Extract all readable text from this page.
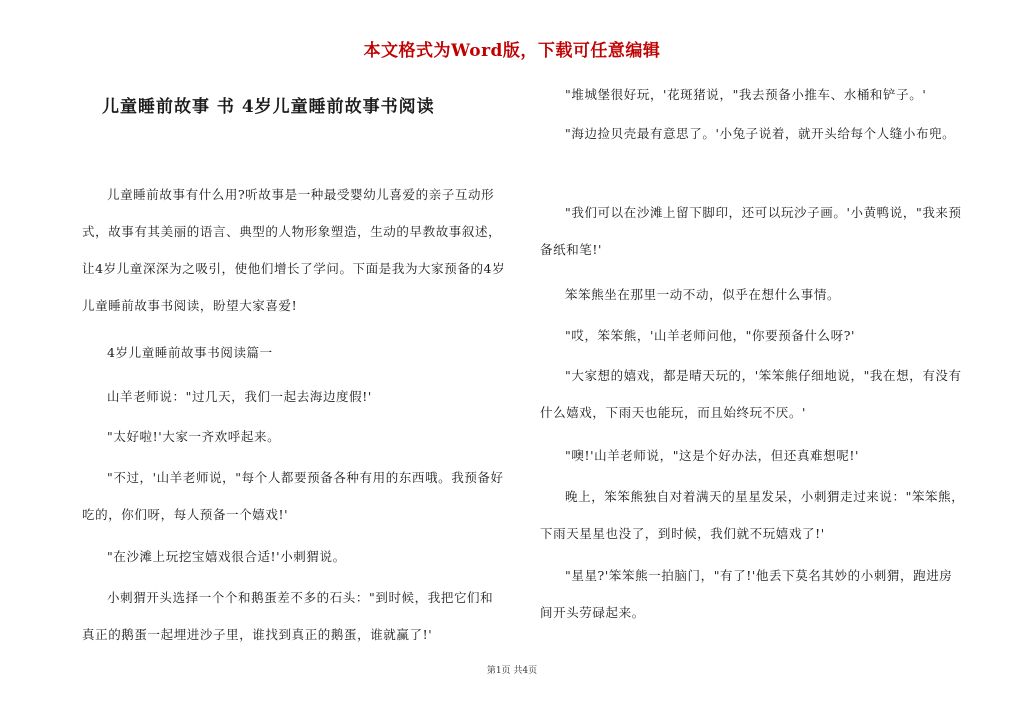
本文格式为Word版，下载可任意编辑
儿童睡前故事 书 4岁儿童睡前故事书阅读

儿童睡前故事有什么用?听故事是一种最受婴幼儿喜爱的亲子互动形式，故事有其美丽的语言、典型的人物形象塑造，生动的早教故事叙述，让4岁儿童深深为之吸引，使他们增长了学问。下面是我为大家预备的4岁儿童睡前故事书阅读，盼望大家喜爱!

4岁儿童睡前故事书阅读篇一

山羊老师说："过几天，我们一起去海边度假!'

"太好啦!'大家一齐欢呼起来。

"不过，'山羊老师说，"每个人都要预备各种有用的东西哦。我预备好吃的，你们呀，每人预备一个嬉戏!'

"在沙滩上玩挖宝嬉戏很合适!'小刺猬说。

小刺猬开头选择一个个和鹅蛋差不多的石头："到时候，我把它们和真正的鹅蛋一起埋进沙子里，谁找到真正的鹅蛋，谁就赢了!'

"堆城堡很好玩，'花斑猪说，"我去预备小推车、水桶和铲子。'

"海边捡贝壳最有意思了。'小兔子说着，就开头给每个人缝小布兜。

"我们可以在沙滩上留下脚印，还可以玩沙子画。'小黄鸭说，"我来预备纸和笔!'

笨笨熊坐在那里一动不动，似乎在想什么事情。

"哎，笨笨熊，'山羊老师问他，"你要预备什么呀?'

"大家想的嬉戏，都是晴天玩的，'笨笨熊仔细地说，"我在想，有没有什么嬉戏，下雨天也能玩，而且始终玩不厌。'

"噢!'山羊老师说，"这是个好办法，但还真难想呢!'

晚上，笨笨熊独自对着满天的星星发呆，小刺猬走过来说："笨笨熊，下雨天星星也没了，到时候，我们就不玩嬉戏了!'

"星星?'笨笨熊一拍脑门，"有了!'他丢下莫名其妙的小刺猬，跑进房间开头劳碌起来。

第1页 共4页
